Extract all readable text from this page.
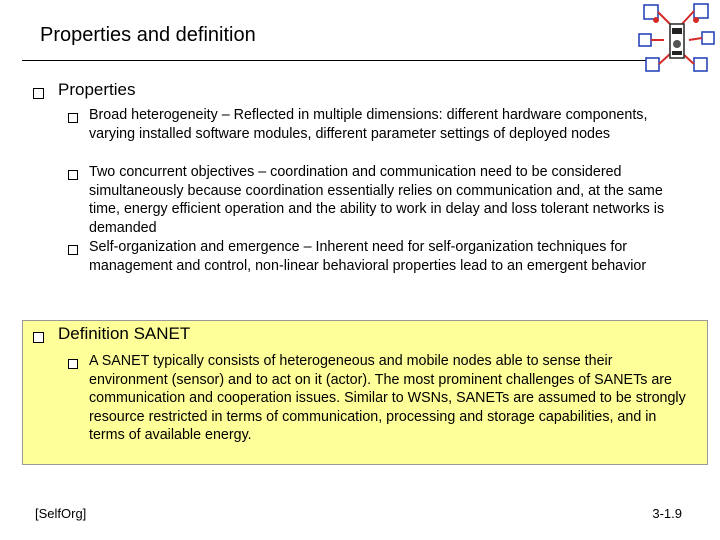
Properties and definition
Properties
Broad heterogeneity – Reflected in multiple dimensions: different hardware components, varying installed software modules, different parameter settings of deployed nodes
Two concurrent objectives – coordination and communication need to be considered simultaneously because coordination essentially relies on communication and, at the same time, energy efficient operation and the ability to work in delay and loss tolerant networks is demanded
Self-organization and emergence – Inherent need for self-organization techniques for management and control, non-linear behavioral properties lead to an emergent behavior
Definition SANET
A SANET typically consists of heterogeneous and mobile nodes able to sense their environment (sensor) and to act on it (actor). The most prominent challenges of SANETs are communication and cooperation issues. Similar to WSNs, SANETs are assumed to be strongly resource restricted in terms of communication, processing and storage capabilities, and in terms of available energy.
[SelfOrg]	3-1.9
